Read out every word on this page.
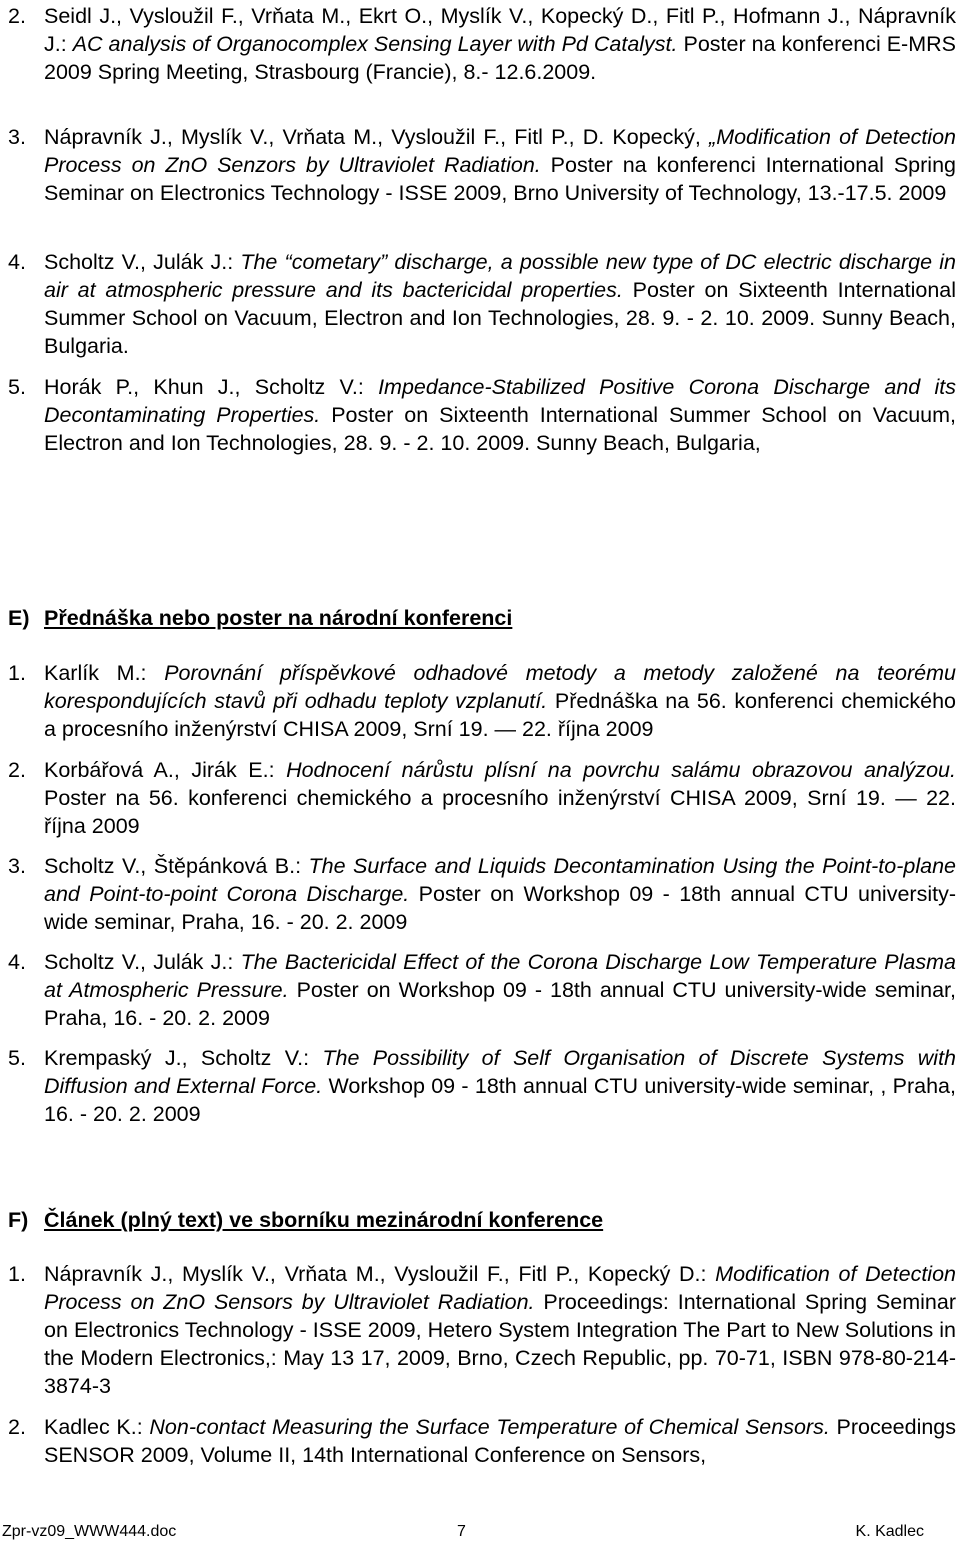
2. Seidl J., Vysloužil F., Vrňata M., Ekrt O., Myslík V., Kopecký D., Fitl P., Hofmann J., Nápravník J.: AC analysis of Organocomplex Sensing Layer with Pd Catalyst. Poster na konferenci E-MRS 2009 Spring Meeting, Strasbourg (Francie), 8.- 12.6.2009.
3. Nápravník J., Myslík V., Vrňata M., Vysloužil F., Fitl P., D. Kopecký, „Modification of Detection Process on ZnO Senzors by Ultraviolet Radiation. Poster na konferenci International Spring Seminar on Electronics Technology - ISSE 2009, Brno University of Technology, 13.-17.5. 2009
4. Scholtz V., Julák J.: The “cometary” discharge, a possible new type of DC electric discharge in air at atmospheric pressure and its bactericidal properties. Poster on Sixteenth International Summer School on Vacuum, Electron and Ion Technologies, 28. 9. - 2. 10. 2009. Sunny Beach, Bulgaria.
5. Horák P., Khun J., Scholtz V.: Impedance-Stabilized Positive Corona Discharge and its Decontaminating Properties. Poster on Sixteenth International Summer School on Vacuum, Electron and Ion Technologies, 28. 9. - 2. 10. 2009. Sunny Beach, Bulgaria,
E) Přednáška nebo poster na národní konferenci
1. Karlík M.: Porovnání příspěvkové odhadové metody a metody založené na teorému korespondujících stavů při odhadu teploty vzplanutí. Přednáška na 56. konferenci chemického a procesního inženýrství CHISA 2009, Srní 19. — 22. října 2009
2. Korbářová A., Jirák E.: Hodnocení nárůstu plísní na povrchu salámu obrazovou analýzou. Poster na 56. konferenci chemického a procesního inženýrství CHISA 2009, Srní 19. — 22. října 2009
3. Scholtz V., Štěpánková B.: The Surface and Liquids Decontamination Using the Point-to-plane and Point-to-point Corona Discharge. Poster on Workshop 09 - 18th annual CTU university-wide seminar, Praha, 16. - 20. 2. 2009
4. Scholtz V., Julák J.: The Bactericidal Effect of the Corona Discharge Low Temperature Plasma at Atmospheric Pressure. Poster on Workshop 09 - 18th annual CTU university-wide seminar, Praha, 16. - 20. 2. 2009
5. Krempaský J., Scholtz V.: The Possibility of Self Organisation of Discrete Systems with Diffusion and External Force. Workshop 09 - 18th annual CTU university-wide seminar, , Praha, 16. - 20. 2. 2009
F) Článek (plný text) ve sborníku mezinárodní konference
1. Nápravník J., Myslík V., Vrňata M., Vysloužil F., Fitl P., Kopecký D.: Modification of Detection Process on ZnO Sensors by Ultraviolet Radiation. Proceedings: International Spring Seminar on Electronics Technology - ISSE 2009, Hetero System Integration The Part to New Solutions in the Modern Electronics,: May 13 17, 2009, Brno, Czech Republic, pp. 70-71, ISBN 978-80-214-3874-3
2. Kadlec K.: Non-contact Measuring the Surface Temperature of Chemical Sensors. Proceedings SENSOR 2009, Volume II, 14th International Conference on Sensors,
Zpr-vz09_WWW444.doc	7	K. Kadlec
